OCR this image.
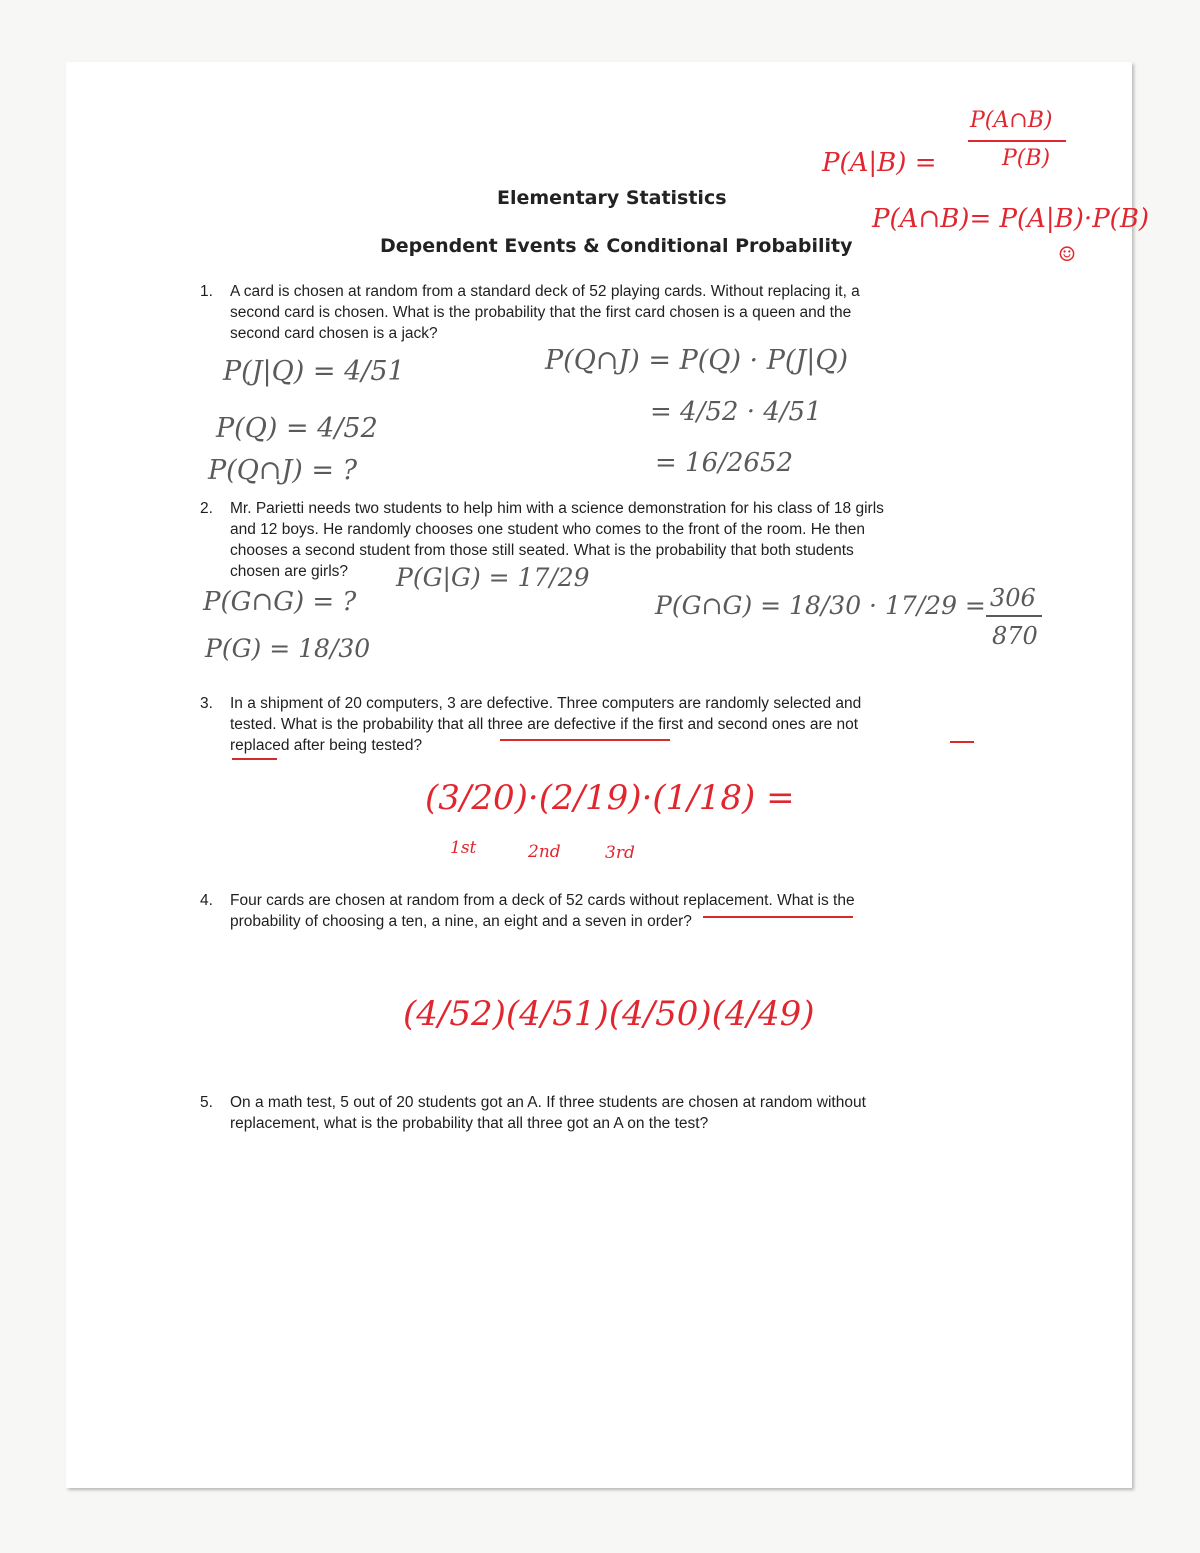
Elementary Statistics
Dependent Events & Conditional Probability
P(A|B) =
P(A∩B)
P(B)
P(A∩B)= P(A|B)·P(B)
☺
1. A card is chosen at random from a standard deck of 52 playing cards. Without replacing it, a
second card is chosen. What is the probability that the first card chosen is a queen and the
second card chosen is a jack?
P(J|Q) = 4/51
P(Q) = 4/52
P(Q∩J) = ?
P(Q∩J) = P(Q) · P(J|Q)
= 4/52 · 4/51
= 16/2652
2. Mr. Parietti needs two students to help him with a science demonstration for his class of 18 girls
and 12 boys. He randomly chooses one student who comes to the front of the room. He then
chooses a second student from those still seated. What is the probability that both students
chosen are girls?
P(G∩G) = ?
P(G|G) = 17/29
P(G) = 18/30
P(G∩G) = 18/30 · 17/29 = 306
870
3. In a shipment of 20 computers, 3 are defective. Three computers are randomly selected and
tested. What is the probability that all three are defective if the first and second ones are not
replaced after being tested?
(3/20)·(2/19)·(1/18) =
1st	2nd	3rd
4. Four cards are chosen at random from a deck of 52 cards without replacement. What is the
probability of choosing a ten, a nine, an eight and a seven in order?
(4/52)(4/51)(4/50)(4/49)
5. On a math test, 5 out of 20 students got an A. If three students are chosen at random without
replacement, what is the probability that all three got an A on the test?
